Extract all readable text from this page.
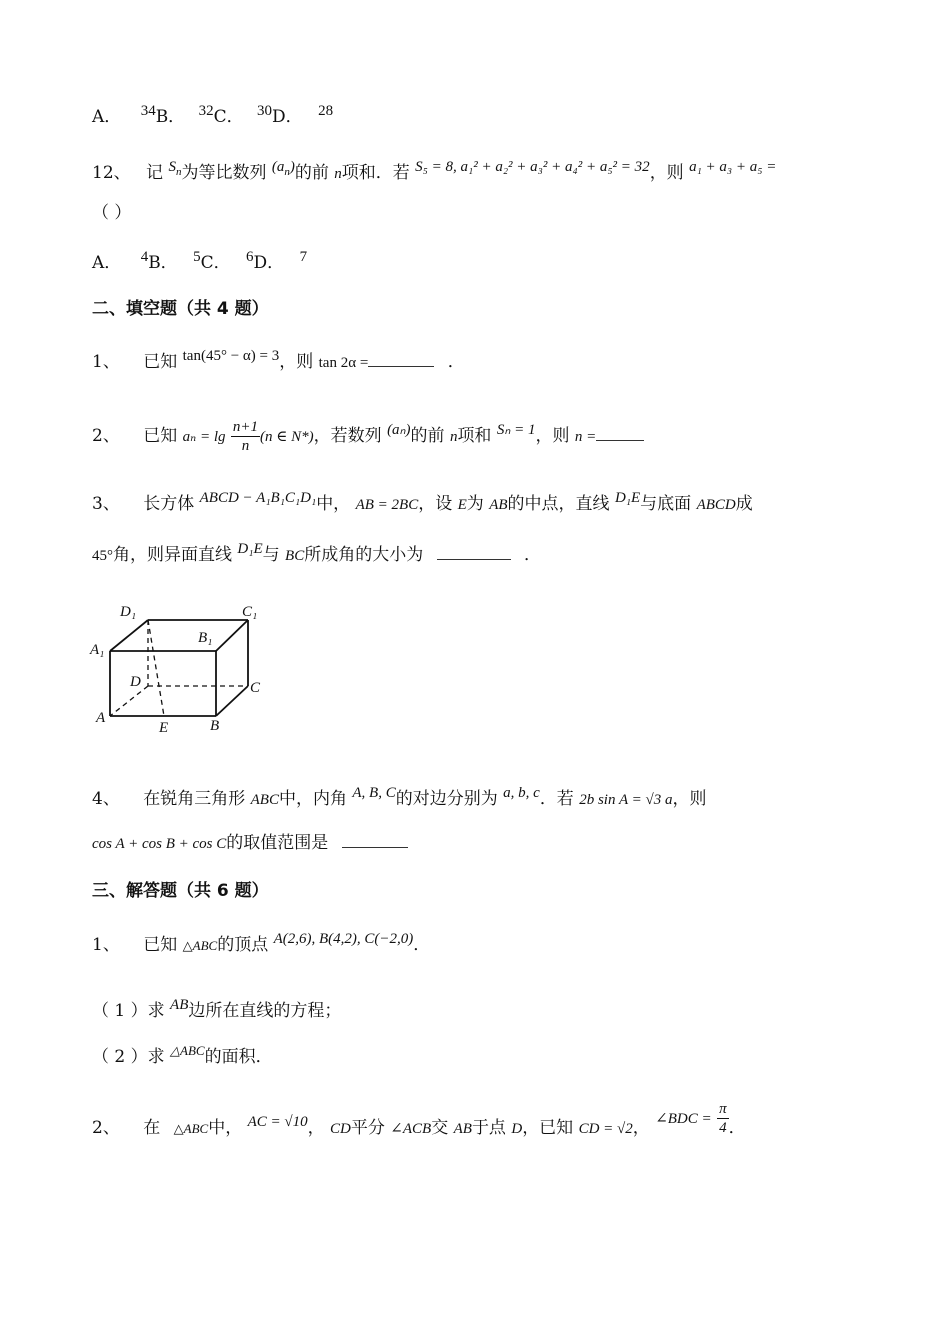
A． 34B． 32C． 30D． 28
12、 记 $S_n$为等比数列 $(a_n)$的前 n项和．若 S₅ = 8, a₁² + a₂² + a₃² + a₄² + a₅² = 32，则 a₁ + a₃ + a₅ =
（ ）
A． 4B． 5C． 6D． 7
二、填空题（共 4 题）
1、 已知 tan(45° − α) = 3，则 tan 2α =	．
2、 已知 $a_n = \lg \frac{n+1}{n} (n$ ∈ N*)，若数列 (aₙ)的前 n项和 Sₙ = 1，则 n =
3、 长方体 ABCD − A₁B₁C₁D₁中， AB = 2BC，设 E为 AB的中点，直线 D₁E与底面 ABCD成
45°角，则异面直线 D₁E与 BC所成角的大小为	．
D₁	C₁
A₁
B₁
D	C
A
E	B
4、 在锐角三角形 ABC中，内角 A, B, C的对边分别为 a, b, c．若 2b sin A = √3 a，则
cos A + cos B + cos C的取值范围是
三、解答题（共 6 题）
1、 已知 △ABC的顶点 A(2,6), B(4,2), C(−2,0)．
（ 1 ）求 AB边所在直线的方程；
（ 2 ）求 $^{\triangle ABC}$的面积．
2、 在 △ABC中， AC = √10， CD平分 ∠ACB交 AB于点 D，已知 CD = √2， ∠BDC = $\frac{\pi}{4}$ ．
